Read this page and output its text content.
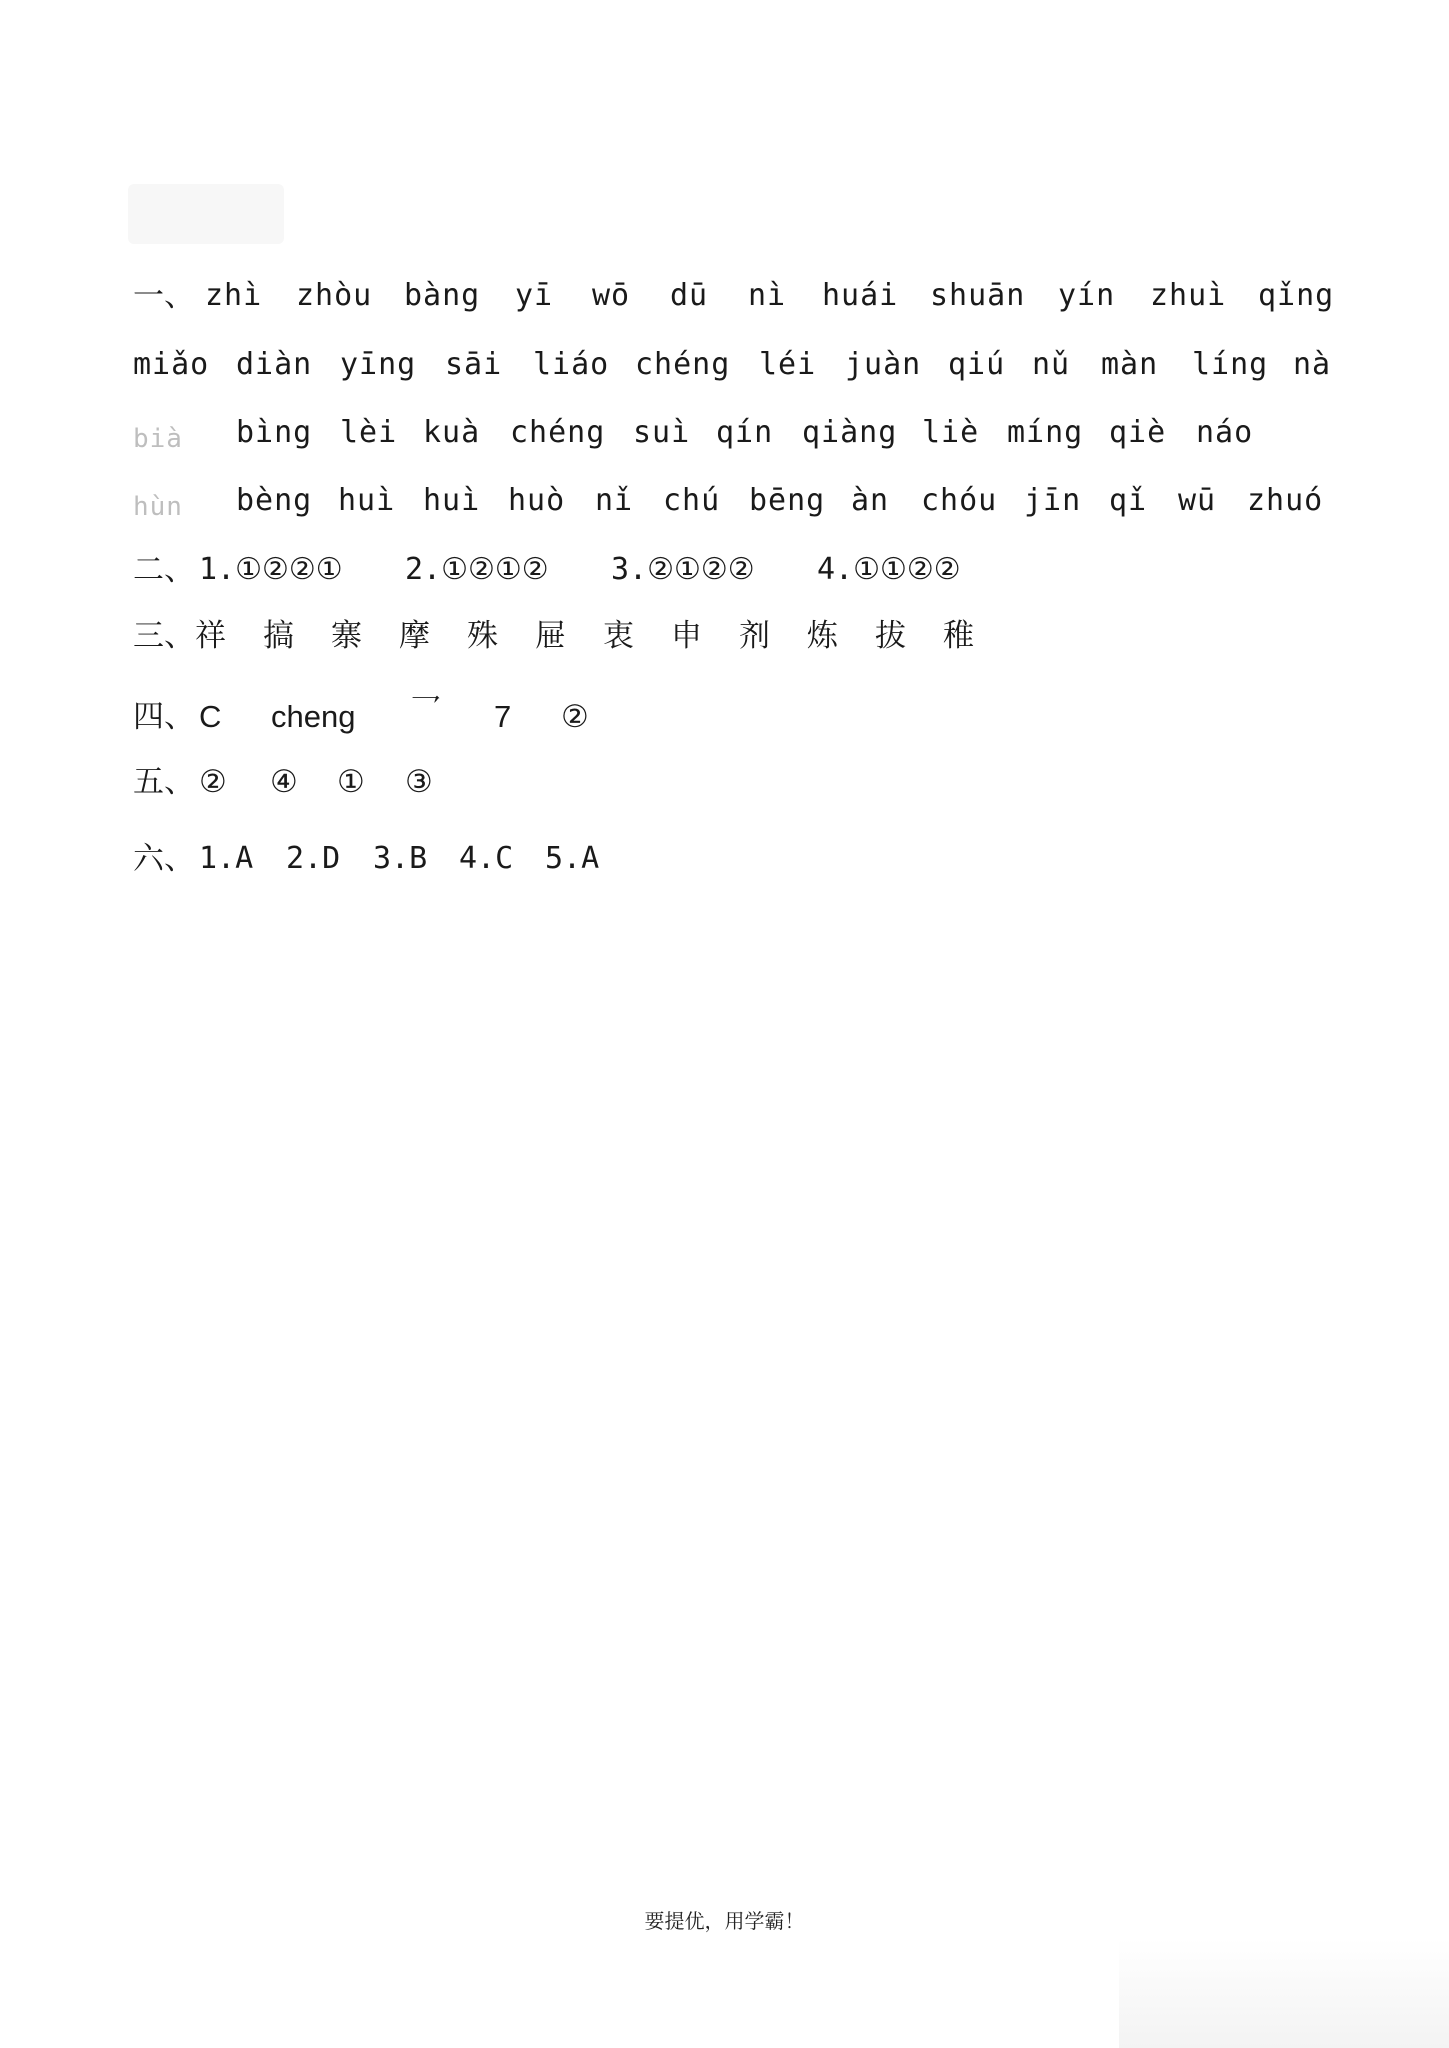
一、 zhì zhòu bàng yī wō dū nì huái shuān yín zhuì qǐng
miǎo diàn yīng sāi liáo chéng léi juàn qiú nǔ màn líng nà
bià bìng lèi kuà chéng suì qín qiàng liè míng qiè náo
hùn bèng huì huì huò nǐ chú bēng àn chóu jīn qǐ wū zhuó
二、 1.①②②① 2.①②①② 3.②①②② 4.①①②②
三、祥 搞 寨 摩 殊 屉 衷 申 剂 炼 拔 稚
四、 C cheng 乛 7 ②
五、 ② ④ ① ③
六、 1.A 2.D 3.B 4.C 5.A
要提优，用学霸！
